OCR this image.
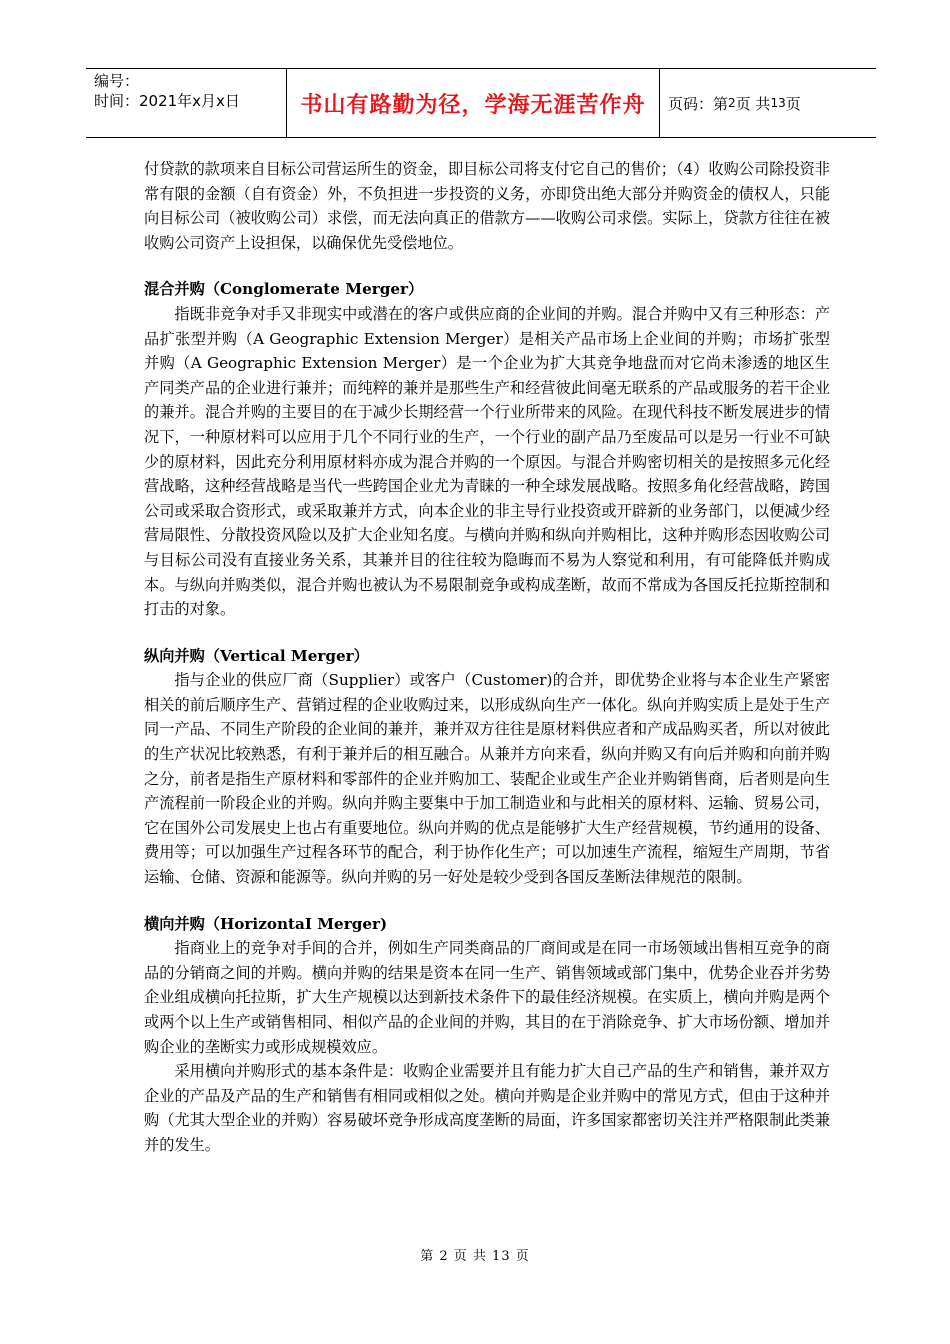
编号：
时间：2021年x月x日	书山有路勤为径，学海无涯苦作舟	页码：第 2 页 共 13 页

付贷款的款项来自目标公司营运所生的资金，即目标公司将支付它自己的售价；（4）收购公司除投资非常有限的金额（自有资金）外，不负担进一步投资的义务，亦即贷出绝大部分并购资金的债权人，只能向目标公司（被收购公司）求偿，而无法向真正的借款方——收购公司求偿。实际上，贷款方往往在被收购公司资产上设担保，以确保优先受偿地位。

混合并购（Conglomerate Merger）

指既非竞争对手又非现实中或潜在的客户或供应商的企业间的并购。混合并购中又有三种形态：产品扩张型并购（A Geographic Extension Merger）是相关产品市场上企业间的并购；市场扩张型并购（A Geographic Extension Merger）是一个企业为扩大其竞争地盘而对它尚未渗透的地区生产同类产品的企业进行兼并；而纯粹的兼并是那些生产和经营彼此间毫无联系的产品或服务的若干企业的兼并。混合并购的主要目的在于减少长期经营一个行业所带来的风险。在现代科技不断发展进步的情况下，一种原材料可以应用于几个不同行业的生产，一个行业的副产品乃至废品可以是另一行业不可缺少的原材料，因此充分利用原材料亦成为混合并购的一个原因。与混合并购密切相关的是按照多元化经营战略，这种经营战略是当代一些跨国企业尤为青睐的一种全球发展战略。按照多角化经营战略，跨国公司或采取合资形式，或采取兼并方式，向本企业的非主导行业投资或开辟新的业务部门，以便减少经营局限性、分散投资风险以及扩大企业知名度。与横向并购和纵向并购相比，这种并购形态因收购公司与目标公司没有直接业务关系，其兼并目的往往较为隐晦而不易为人察觉和利用，有可能降低并购成本。与纵向并购类似，混合并购也被认为不易限制竞争或构成垄断，故而不常成为各国反托拉斯控制和打击的对象。

纵向并购（Vertical Merger）

指与企业的供应厂商（Supplier）或客户（Customer)的合并，即优势企业将与本企业生产紧密相关的前后顺序生产、营销过程的企业收购过来，以形成纵向生产一体化。纵向并购实质上是处于生产同一产品、不同生产阶段的企业间的兼并，兼并双方往往是原材料供应者和产成品购买者，所以对彼此的生产状况比较熟悉，有利于兼并后的相互融合。从兼并方向来看，纵向并购又有向后并购和向前并购之分，前者是指生产原材料和零部件的企业并购加工、装配企业或生产企业并购销售商，后者则是向生产流程前一阶段企业的并购。纵向并购主要集中于加工制造业和与此相关的原材料、运输、贸易公司，它在国外公司发展史上也占有重要地位。纵向并购的优点是能够扩大生产经营规模，节约通用的设备、费用等；可以加强生产过程各环节的配合，利于协作化生产；可以加速生产流程，缩短生产周期，节省运输、仓储、资源和能源等。纵向并购的另一好处是较少受到各国反垄断法律规范的限制。

横向并购（HorizontaI Merger)

指商业上的竞争对手间的合并，例如生产同类商品的厂商间或是在同一市场领域出售相互竞争的商品的分销商之间的并购。横向并购的结果是资本在同一生产、销售领域或部门集中，优势企业吞并劣势企业组成横向托拉斯，扩大生产规模以达到新技术条件下的最佳经济规模。在实质上，横向并购是两个或两个以上生产或销售相同、相似产品的企业间的并购，其目的在于消除竞争、扩大市场份额、增加并购企业的垄断实力或形成规模效应。

采用横向并购形式的基本条件是：收购企业需要并且有能力扩大自己产品的生产和销售，兼并双方企业的产品及产品的生产和销售有相同或相似之处。横向并购是企业并购中的常见方式，但由于这种并购（尤其大型企业的并购）容易破坏竞争形成高度垄断的局面，许多国家都密切关注并严格限制此类兼并的发生。

第 2 页 共 13 页
